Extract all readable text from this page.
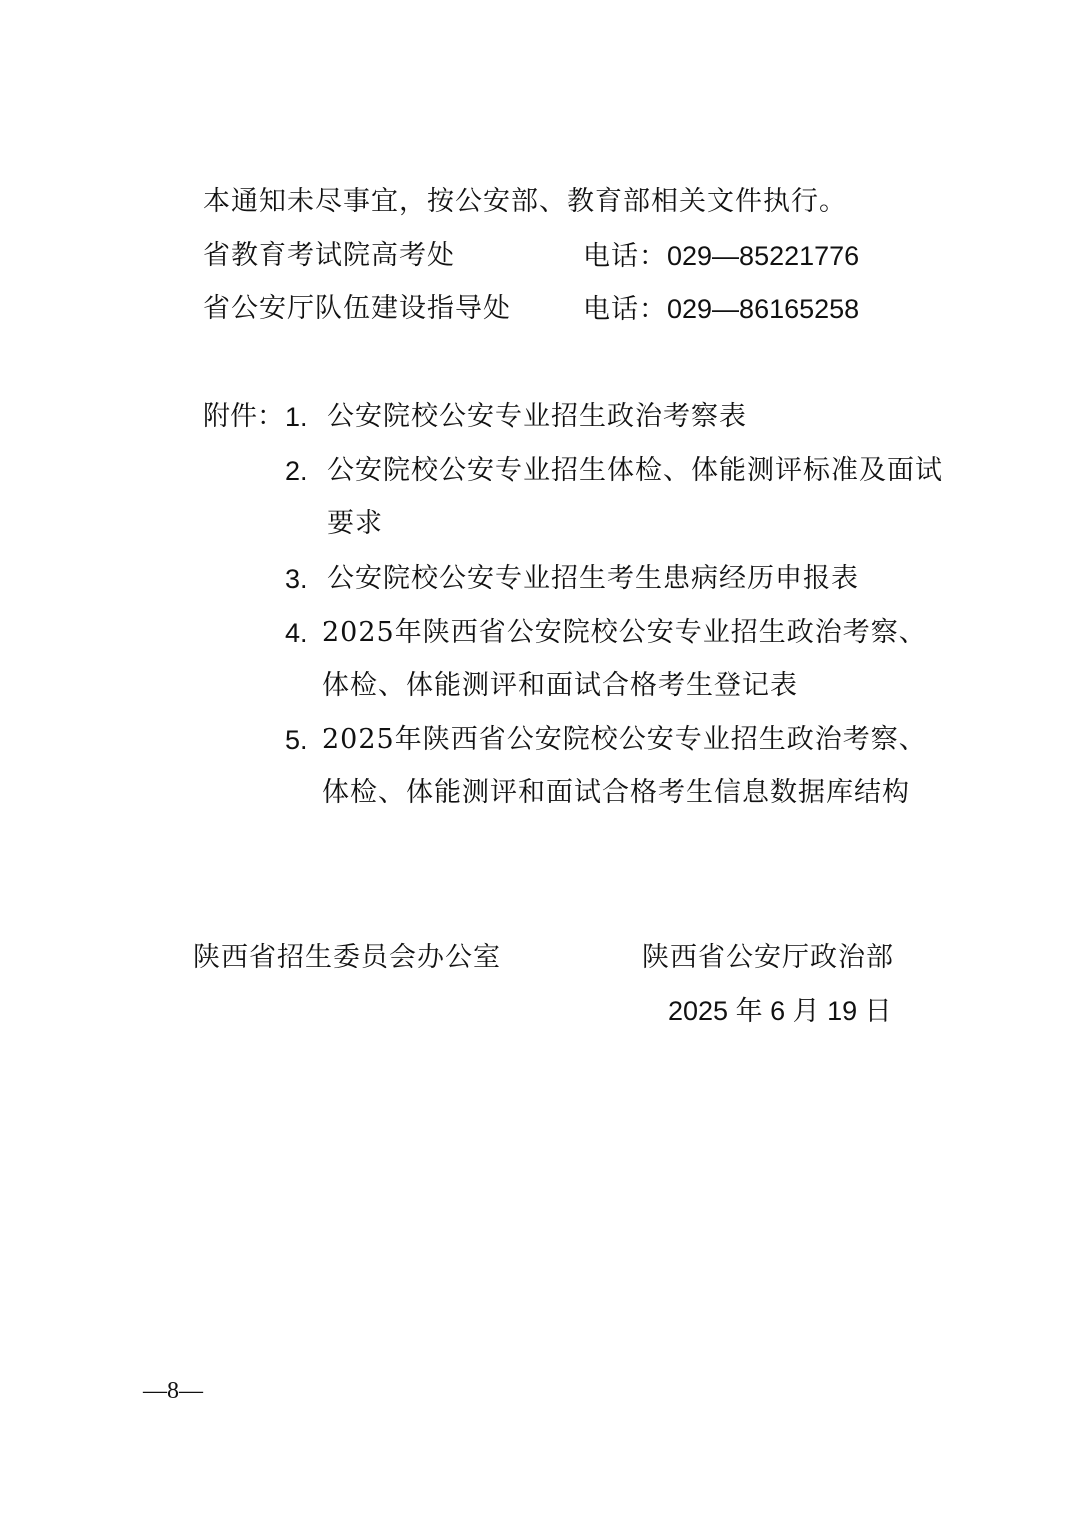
本通知未尽事宜，按公安部、教育部相关文件执行。
省教育考试院高考处	电话：029—85221776
省公安厅队伍建设指导处	电话：029—86165258
附件： 1. 公安院校公安专业招生政治考察表
2. 公安院校公安专业招生体检、体能测评标准及面试要求
3. 公安院校公安专业招生考生患病经历申报表
4. 2025年陕西省公安院校公安专业招生政治考察、体检、体能测评和面试合格考生登记表
5. 2025年陕西省公安院校公安专业招生政治考察、体检、体能测评和面试合格考生信息数据库结构
陕西省招生委员会办公室	陕西省公安厅政治部
2025 年 6 月 19 日
—8—
